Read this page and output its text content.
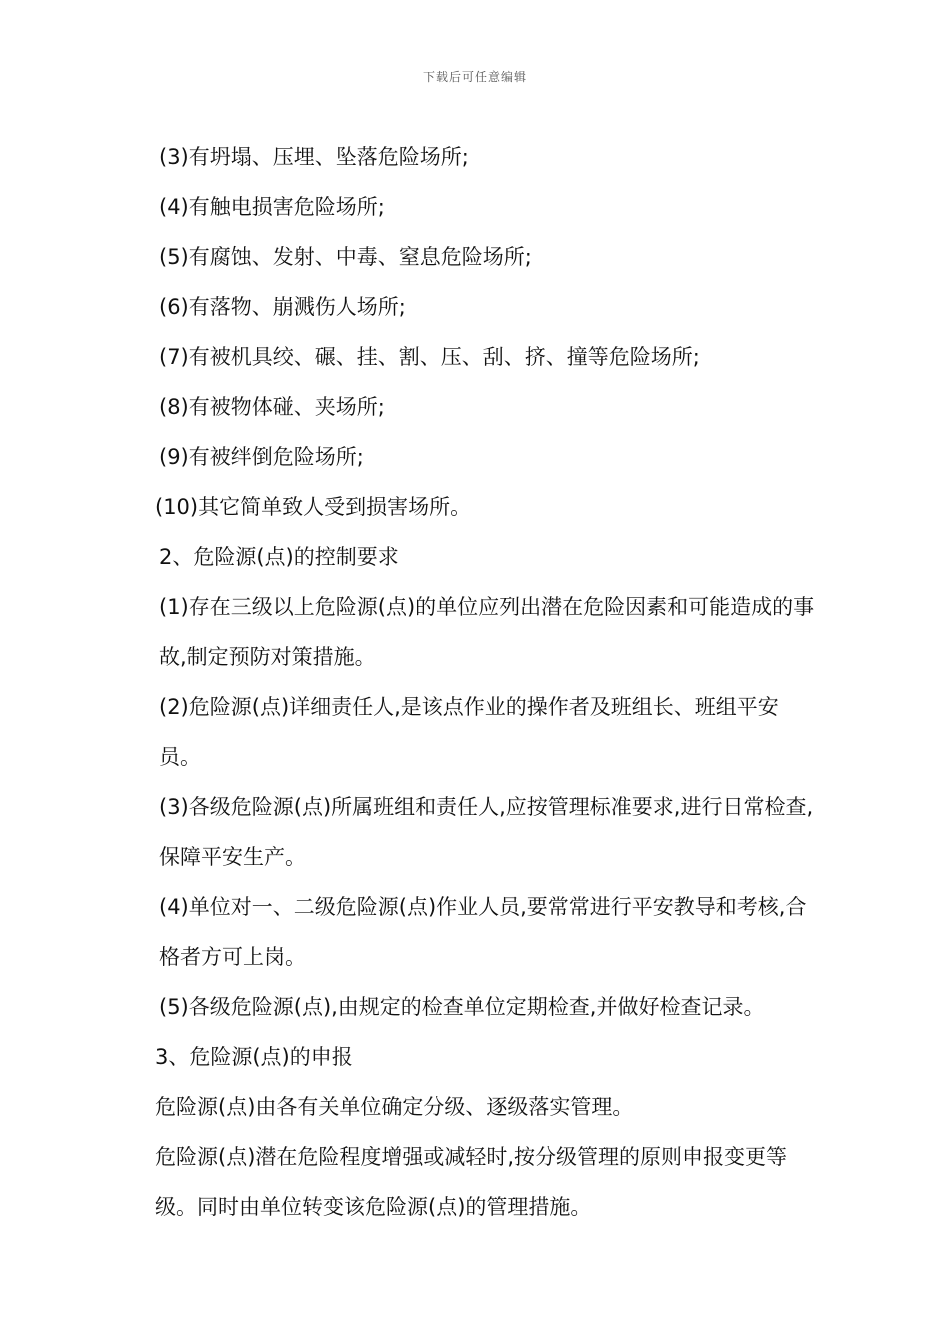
下载后可任意编辑

(3)有坍塌、压埋、坠落危险场所;

(4)有触电损害危险场所;

(5)有腐蚀、发射、中毒、窒息危险场所;

(6)有落物、崩溅伤人场所;

(7)有被机具绞、碾、挂、割、压、刮、挤、撞等危险场所;

(8)有被物体碰、夹场所;

(9)有被绊倒危险场所;

(10)其它简单致人受到损害场所。

2、危险源(点)的控制要求

(1)存在三级以上危险源(点)的单位应列出潜在危险因素和可能造成的事故,制定预防对策措施。

(2)危险源(点)详细责任人,是该点作业的操作者及班组长、班组平安员。

(3)各级危险源(点)所属班组和责任人,应按管理标准要求,进行日常检查,保障平安生产。

(4)单位对一、二级危险源(点)作业人员,要常常进行平安教导和考核,合格者方可上岗。

(5)各级危险源(点),由规定的检查单位定期检查,并做好检查记录。

3、危险源(点)的申报

危险源(点)由各有关单位确定分级、逐级落实管理。

危险源(点)潜在危险程度增强或减轻时,按分级管理的原则申报变更等级。同时由单位转变该危险源(点)的管理措施。
